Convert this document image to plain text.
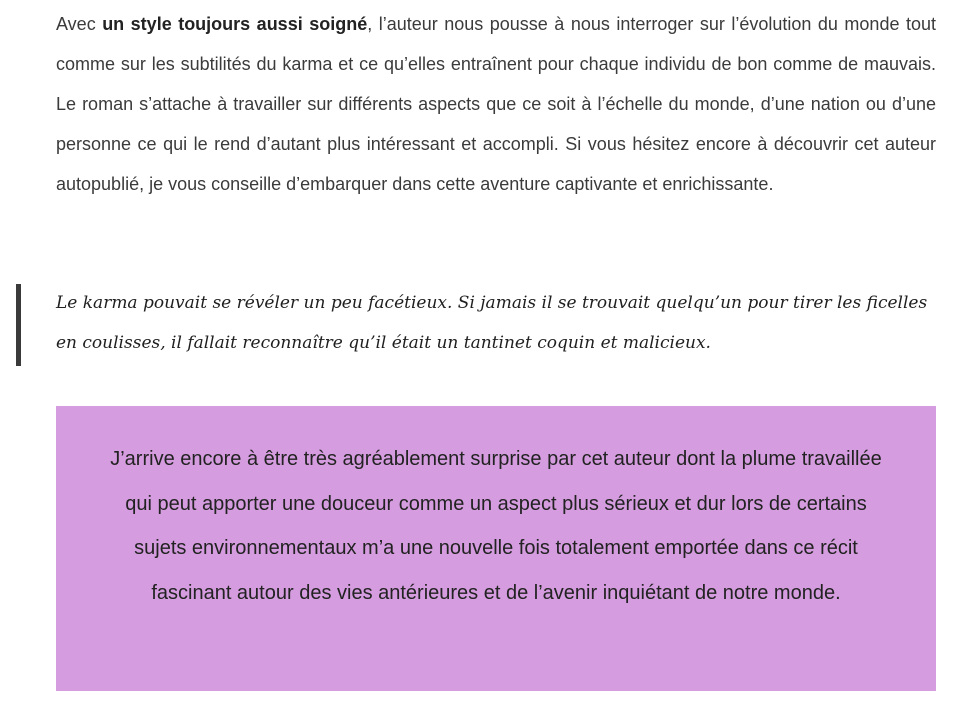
Avec un style toujours aussi soigné, l’auteur nous pousse à nous interroger sur l’évolution du monde tout comme sur les subtilités du karma et ce qu’elles entraînent pour chaque individu de bon comme de mauvais. Le roman s’attache à travailler sur différents aspects que ce soit à l’échelle du monde, d’une nation ou d’une personne ce qui le rend d’autant plus intéressant et accompli. Si vous hésitez encore à découvrir cet auteur autopublié, je vous conseille d’embarquer dans cette aventure captivante et enrichissante.

Le karma pouvait se révéler un peu facétieux. Si jamais il se trouvait quelqu’un pour tirer les ficelles en coulisses, il fallait reconnaître qu’il était un tantinet coquin et malicieux.

J’arrive encore à être très agréablement surprise par cet auteur dont la plume travaillée qui peut apporter une douceur comme un aspect plus sérieux et dur lors de certains sujets environnementaux m’a une nouvelle fois totalement emportée dans ce récit fascinant autour des vies antérieures et de l’avenir inquiétant de notre monde.
